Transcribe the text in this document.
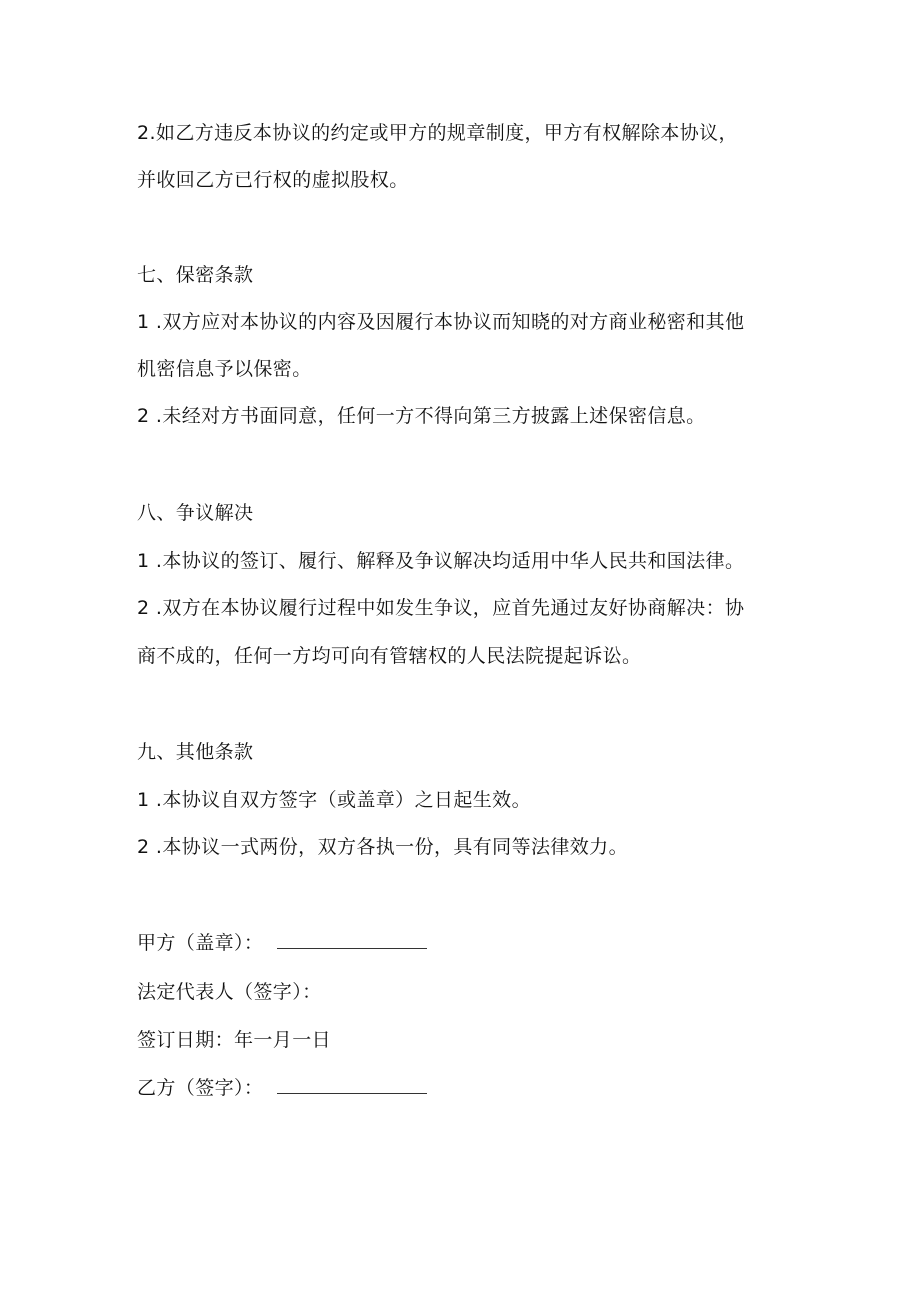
2.如乙方违反本协议的约定或甲方的规章制度，甲方有权解除本协议，
并收回乙方已行权的虚拟股权。
七、保密条款
1 .双方应对本协议的内容及因履行本协议而知晓的对方商业秘密和其他
机密信息予以保密。
2 .未经对方书面同意，任何一方不得向第三方披露上述保密信息。
八、争议解决
1 .本协议的签订、履行、解释及争议解决均适用中华人民共和国法律。
2 .双方在本协议履行过程中如发生争议，应首先通过友好协商解决：协
商不成的，任何一方均可向有管辖权的人民法院提起诉讼。
九、其他条款
1 .本协议自双方签字（或盖章）之日起生效。
2 .本协议一式两份，双方各执一份，具有同等法律效力。
甲方（盖章）：
法定代表人（签字）：
签订日期：年一月一日
乙方（签字）：
